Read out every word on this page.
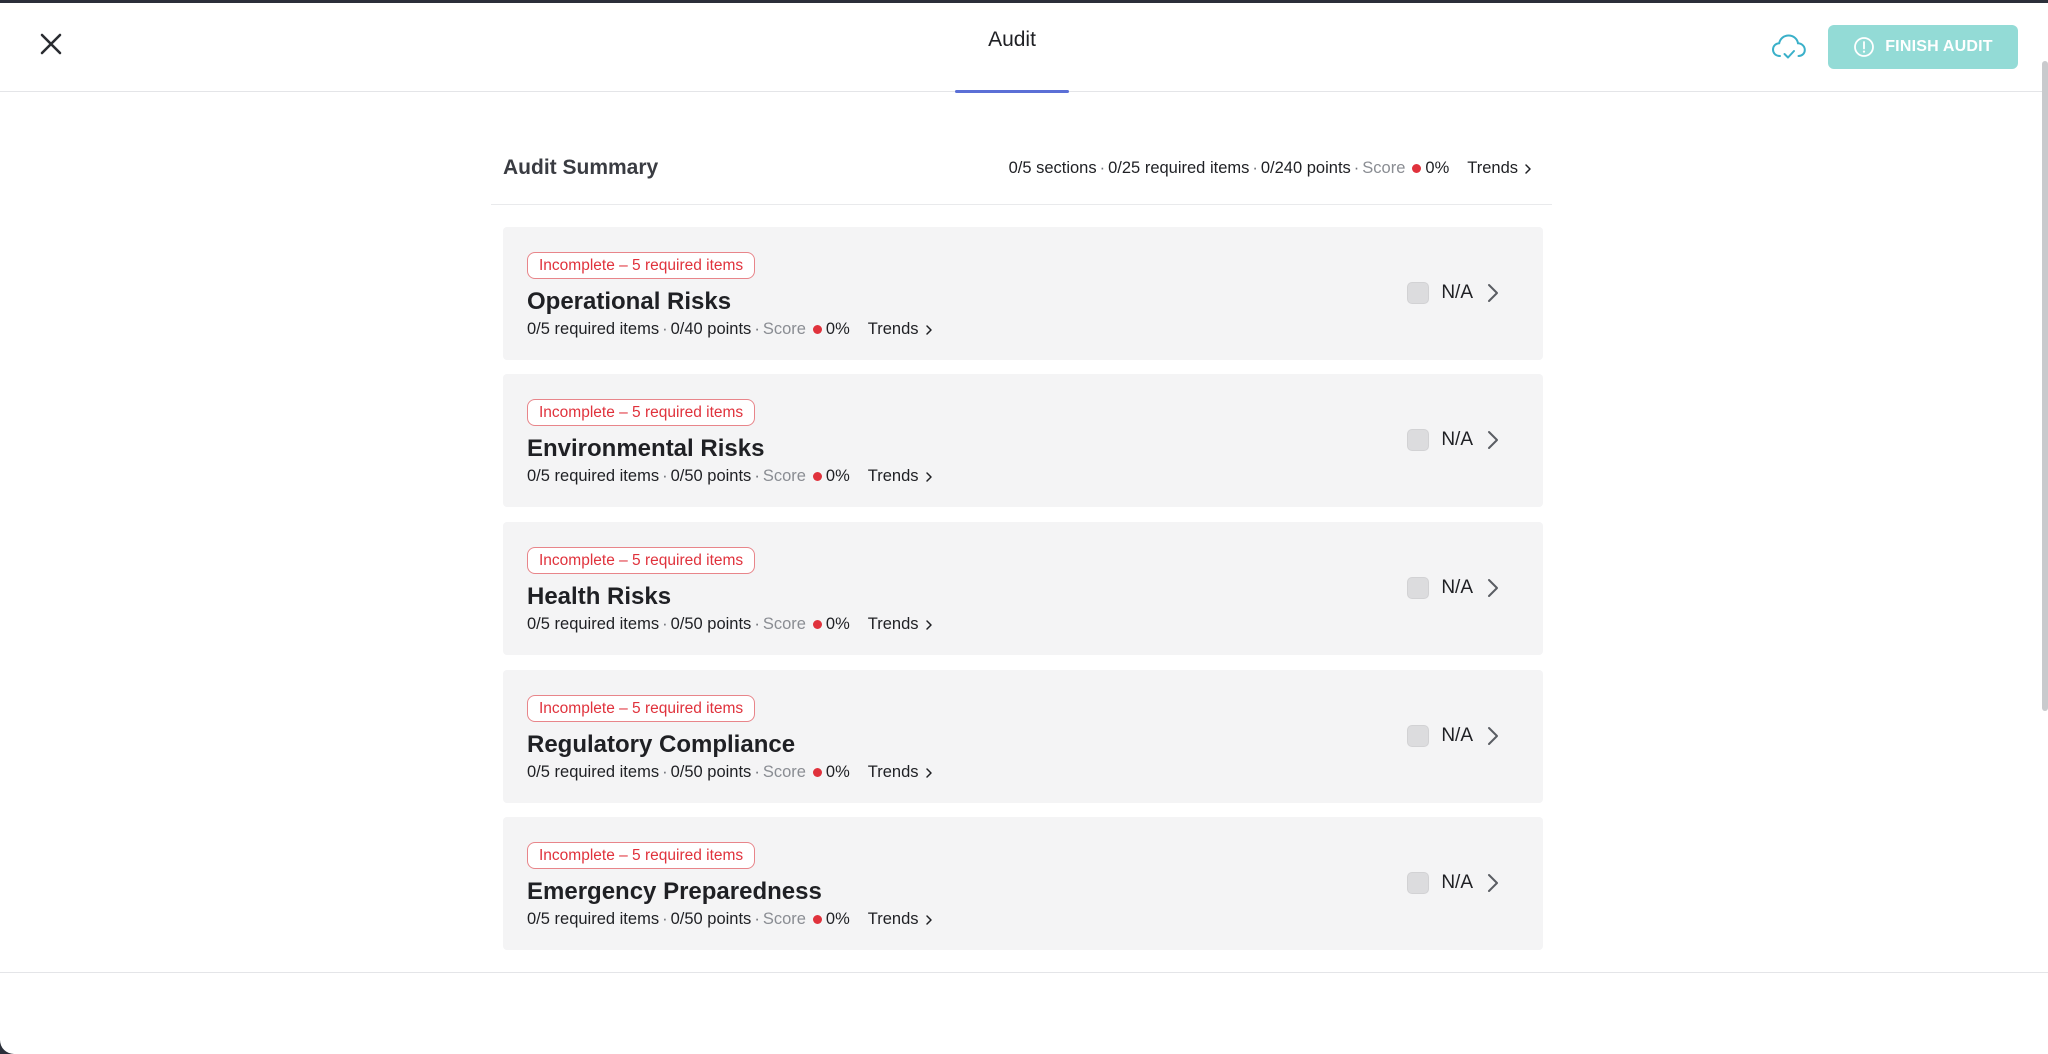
Audit	FINISH AUDIT
Audit Summary	0/5 sections · 0/25 required items · 0/240 points · Score 0% Trends
Incomplete – 5 required items
Operational Risks
0/5 required items · 0/40 points · Score 0% Trends
N/A
Incomplete – 5 required items
Environmental Risks
0/5 required items · 0/50 points · Score 0% Trends
N/A
Incomplete – 5 required items
Health Risks
0/5 required items · 0/50 points · Score 0% Trends
N/A
Incomplete – 5 required items
Regulatory Compliance
0/5 required items · 0/50 points · Score 0% Trends
N/A
Incomplete – 5 required items
Emergency Preparedness
0/5 required items · 0/50 points · Score 0% Trends
N/A
